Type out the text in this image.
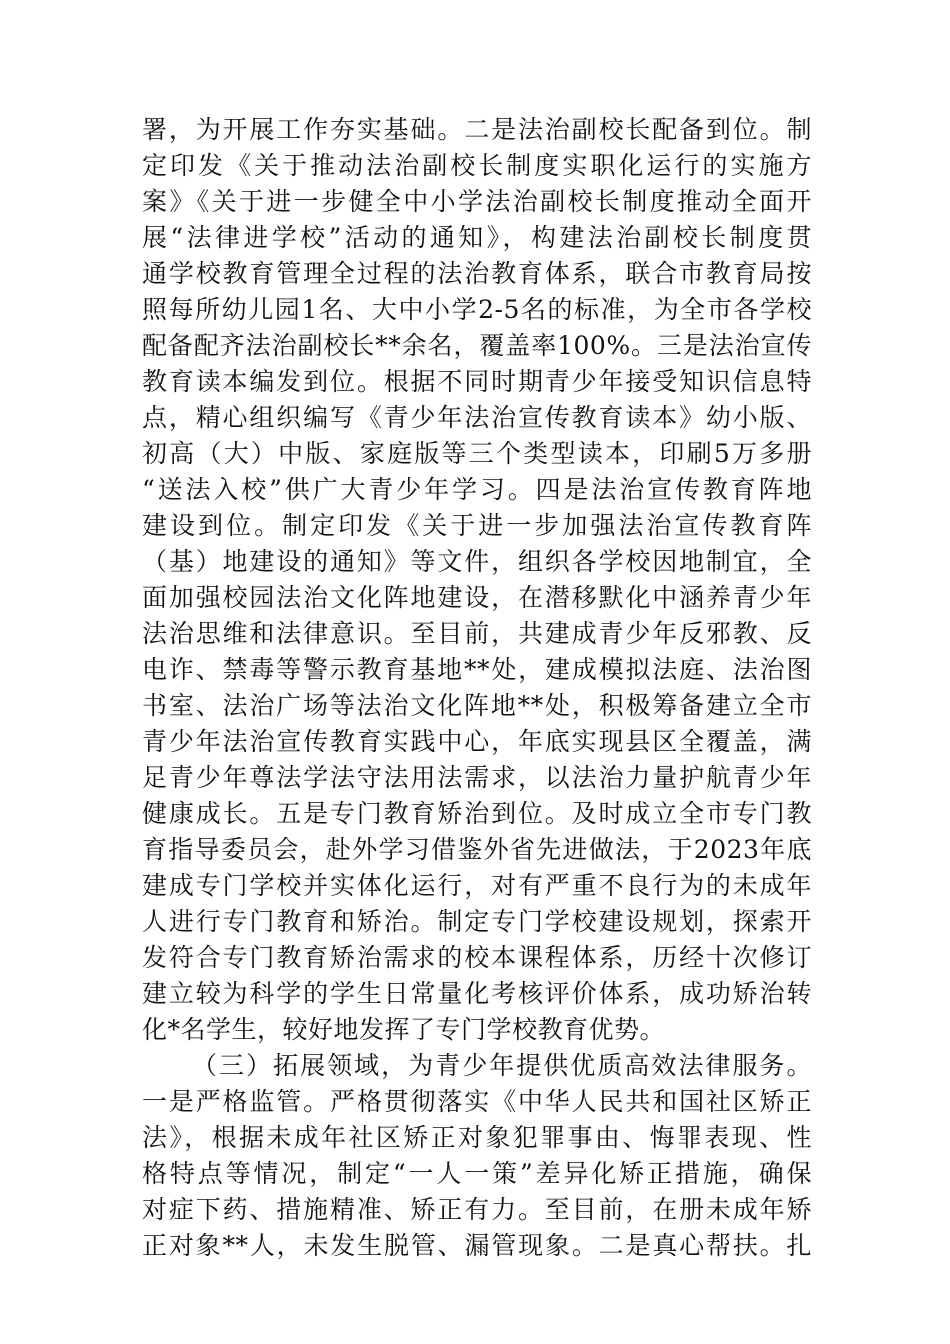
署，为开展工作夯实基础。二是法治副校长配备到位。制
定印发《关于推动法治副校长制度实职化运行的实施方
案》《关于进一步健全中小学法治副校长制度推动全面开
展“法律进学校”活动的通知》，构建法治副校长制度贯
通学校教育管理全过程的法治教育体系，联合市教育局按
照每所幼儿园1名、大中小学2-5名的标准，为全市各学校
配备配齐法治副校长**余名，覆盖率100%。三是法治宣传
教育读本编发到位。根据不同时期青少年接受知识信息特
点，精心组织编写《青少年法治宣传教育读本》幼小版、
初高（大）中版、家庭版等三个类型读本，印刷5万多册
“送法入校”供广大青少年学习。四是法治宣传教育阵地
建设到位。制定印发《关于进一步加强法治宣传教育阵
（基）地建设的通知》等文件，组织各学校因地制宜，全
面加强校园法治文化阵地建设，在潜移默化中涵养青少年
法治思维和法律意识。至目前，共建成青少年反邪教、反
电诈、禁毒等警示教育基地**处，建成模拟法庭、法治图
书室、法治广场等法治文化阵地**处，积极筹备建立全市
青少年法治宣传教育实践中心，年底实现县区全覆盖，满
足青少年尊法学法守法用法需求，以法治力量护航青少年
健康成长。五是专门教育矫治到位。及时成立全市专门教
育指导委员会，赴外学习借鉴外省先进做法，于2023年底
建成专门学校并实体化运行，对有严重不良行为的未成年
人进行专门教育和矫治。制定专门学校建设规划，探索开
发符合专门教育矫治需求的校本课程体系，历经十次修订
建立较为科学的学生日常量化考核评价体系，成功矫治转
化*名学生，较好地发挥了专门学校教育优势。
（三）拓展领域，为青少年提供优质高效法律服务。
一是严格监管。严格贯彻落实《中华人民共和国社区矫正
法》，根据未成年社区矫正对象犯罪事由、悔罪表现、性
格特点等情况，制定“一人一策”差异化矫正措施，确保
对症下药、措施精准、矫正有力。至目前，在册未成年矫
正对象**人，未发生脱管、漏管现象。二是真心帮扶。扎
